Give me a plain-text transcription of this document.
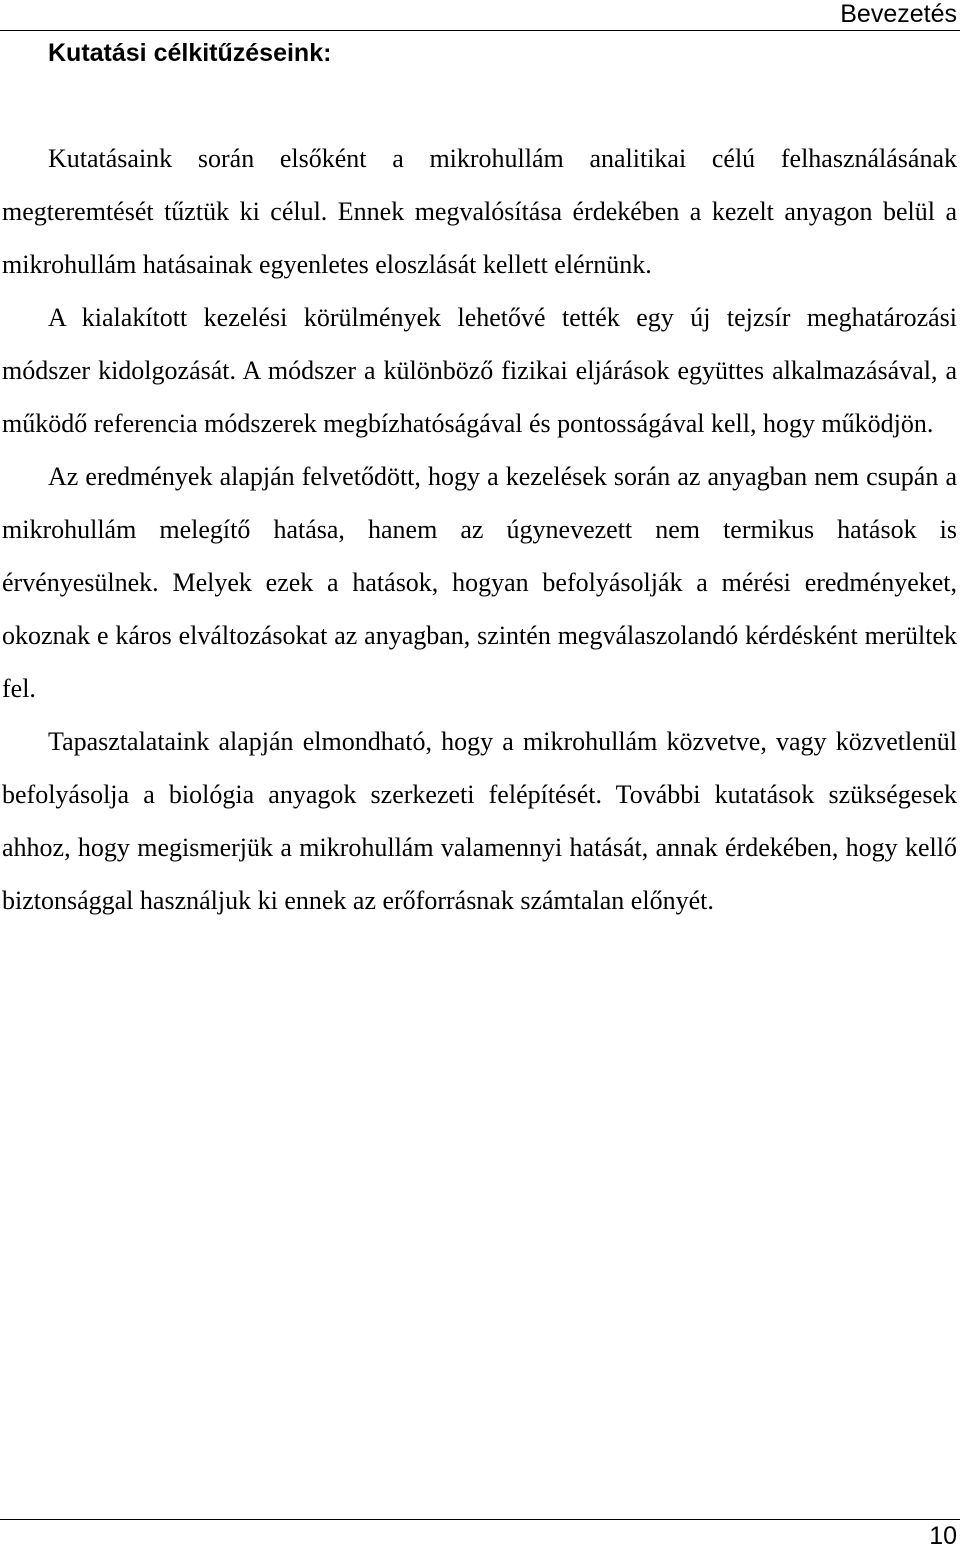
Bevezetés
Kutatási célkitűzéseink:

Kutatásaink során elsőként a mikrohullám analitikai célú felhasználásának megteremtését tűztük ki célul. Ennek megvalósítása érdekében a kezelt anyagon belül a mikrohullám hatásainak egyenletes eloszlását kellett elérnünk.

A kialakított kezelési körülmények lehetővé tették egy új tejzsír meghatározási módszer kidolgozását. A módszer a különböző fizikai eljárások együttes alkalmazásával, a működő referencia módszerek megbízhatóságával és pontosságával kell, hogy működjön.

Az eredmények alapján felvetődött, hogy a kezelések során az anyagban nem csupán a mikrohullám melegítő hatása, hanem az úgynevezett nem termikus hatások is érvényesülnek. Melyek ezek a hatások, hogyan befolyásolják a mérési eredményeket, okoznak e káros elváltozásokat az anyagban, szintén megválaszolandó kérdésként merültek fel.

Tapasztalataink alapján elmondható, hogy a mikrohullám közvetve, vagy közvetlenül befolyásolja a biológia anyagok szerkezeti felépítését. További kutatások szükségesek ahhoz, hogy megismerjük a mikrohullám valamennyi hatását, annak érdekében, hogy kellő biztonsággal használjuk ki ennek az erőforrásnak számtalan előnyét.

10
